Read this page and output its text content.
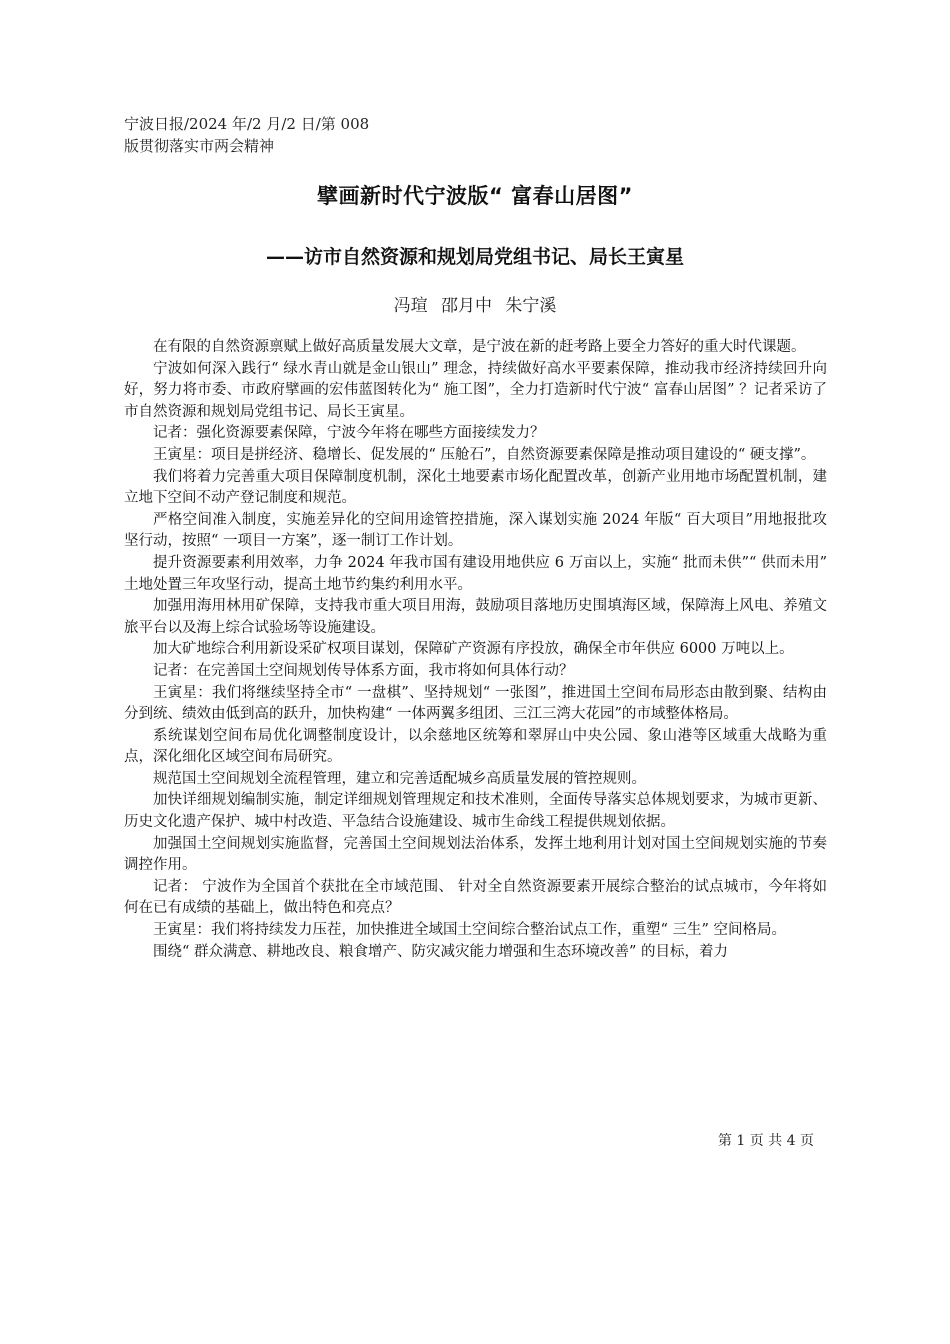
宁波日报/2024 年/2 月/2 日/第 008
版贯彻落实市两会精神
擘画新时代宁波版“ 富春山居图”
——访市自然资源和规划局党组书记、局长王寅星
冯瑄 邵月中 朱宁溪

在有限的自然资源禀赋上做好高质量发展大文章，是宁波在新的赶考路上要全力答好的重大时代课题。

宁波如何深入践行“ 绿水青山就是金山银山” 理念，持续做好高水平要素保障，推动我市经济持续回升向好，努力将市委、市政府擘画的宏伟蓝图转化为“ 施工图”，全力打造新时代宁波“ 富春山居图” ？记者采访了市自然资源和规划局党组书记、局长王寅星。

记者：强化资源要素保障，宁波今年将在哪些方面接续发力？

王寅星：项目是拼经济、稳增长、促发展的“ 压舱石”，自然资源要素保障是推动项目建设的“ 硬支撑”。

我们将着力完善重大项目保障制度机制，深化土地要素市场化配置改革，创新产业用地市场配置机制，建立地下空间不动产登记制度和规范。

严格空间准入制度，实施差异化的空间用途管控措施，深入谋划实施 2024 年版“ 百大项目”用地报批攻坚行动，按照“ 一项目一方案”，逐一制订工作计划。

提升资源要素利用效率，力争 2024 年我市国有建设用地供应 6 万亩以上，实施“ 批而未供”“ 供而未用” 土地处置三年攻坚行动，提高土地节约集约利用水平。

加强用海用林用矿保障，支持我市重大项目用海，鼓励项目落地历史围填海区域，保障海上风电、养殖文旅平台以及海上综合试验场等设施建设。

加大矿地综合利用新设采矿权项目谋划，保障矿产资源有序投放，确保全市年供应 6000 万吨以上。

记者：在完善国土空间规划传导体系方面，我市将如何具体行动？

王寅星：我们将继续坚持全市“ 一盘棋”、坚持规划“ 一张图”，推进国土空间布局形态由散到聚、结构由分到统、绩效由低到高的跃升，加快构建“ 一体两翼多组团、三江三湾大花园”的市域整体格局。

系统谋划空间布局优化调整制度设计，以余慈地区统筹和翠屏山中央公园、象山港等区域重大战略为重点，深化细化区域空间布局研究。

规范国土空间规划全流程管理，建立和完善适配城乡高质量发展的管控规则。

加快详细规划编制实施，制定详细规划管理规定和技术准则，全面传导落实总体规划要求，为城市更新、历史文化遗产保护、城中村改造、平急结合设施建设、城市生命线工程提供规划依据。

加强国土空间规划实施监督，完善国土空间规划法治体系，发挥土地利用计划对国土空间规划实施的节奏调控作用。

记者： 宁波作为全国首个获批在全市域范围、 针对全自然资源要素开展综合整治的试点城市，今年将如何在已有成绩的基础上，做出特色和亮点？

王寅星：我们将持续发力压茬，加快推进全域国土空间综合整治试点工作，重塑“ 三生” 空间格局。

围绕“ 群众满意、耕地改良、粮食增产、防灾减灾能力增强和生态环境改善” 的目标，着力

第 1 页 共 4 页
